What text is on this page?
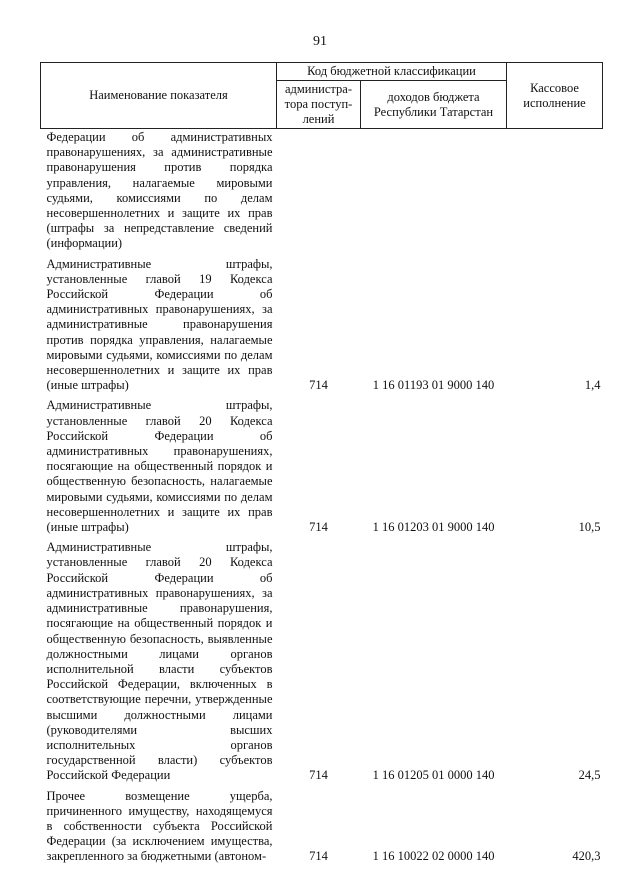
91
Наименование показателя	Код бюджетной классификации		Кассовое исполнение
	администра-тора поступ-лений	доходов бюджета Республики Татарстан	
Федерации об административных правонарушениях, за административные правонарушения против порядка управления, налагаемые мировыми судьями, комиссиями по делам несовершеннолетних и защите их прав (штрафы за непредставление сведений (информации)			
Административные штрафы, установленные главой 19 Кодекса Российской Федерации об административных правонарушениях, за административные правонарушения против порядка управления, налагаемые мировыми судьями, комиссиями по делам несовершеннолетних и защите их прав (иные штрафы)	714	1 16 01193 01 9000 140	1,4
Административные штрафы, установленные главой 20 Кодекса Российской Федерации об административных правонарушениях, посягающие на общественный порядок и общественную безопасность, налагаемые мировыми судьями, комиссиями по делам несовершеннолетних и защите их прав (иные штрафы)	714	1 16 01203 01 9000 140	10,5
Административные штрафы, установленные главой 20 Кодекса Российской Федерации об административных правонарушениях, за административные правонарушения, посягающие на общественный порядок и общественную безопасность, выявленные должностными лицами органов исполнительной власти субъектов Российской Федерации, включенных в соответствующие перечни, утвержденные высшими должностными лицами (руководителями высших исполнительных органов государственной власти) субъектов Российской Федерации	714	1 16 01205 01 0000 140	24,5
Прочее возмещение ущерба, причиненного имуществу, находящемуся в собственности субъекта Российской Федерации (за исключением имущества, закрепленного за бюджетными (автоном-	714	1 16 10022 02 0000 140	420,3
